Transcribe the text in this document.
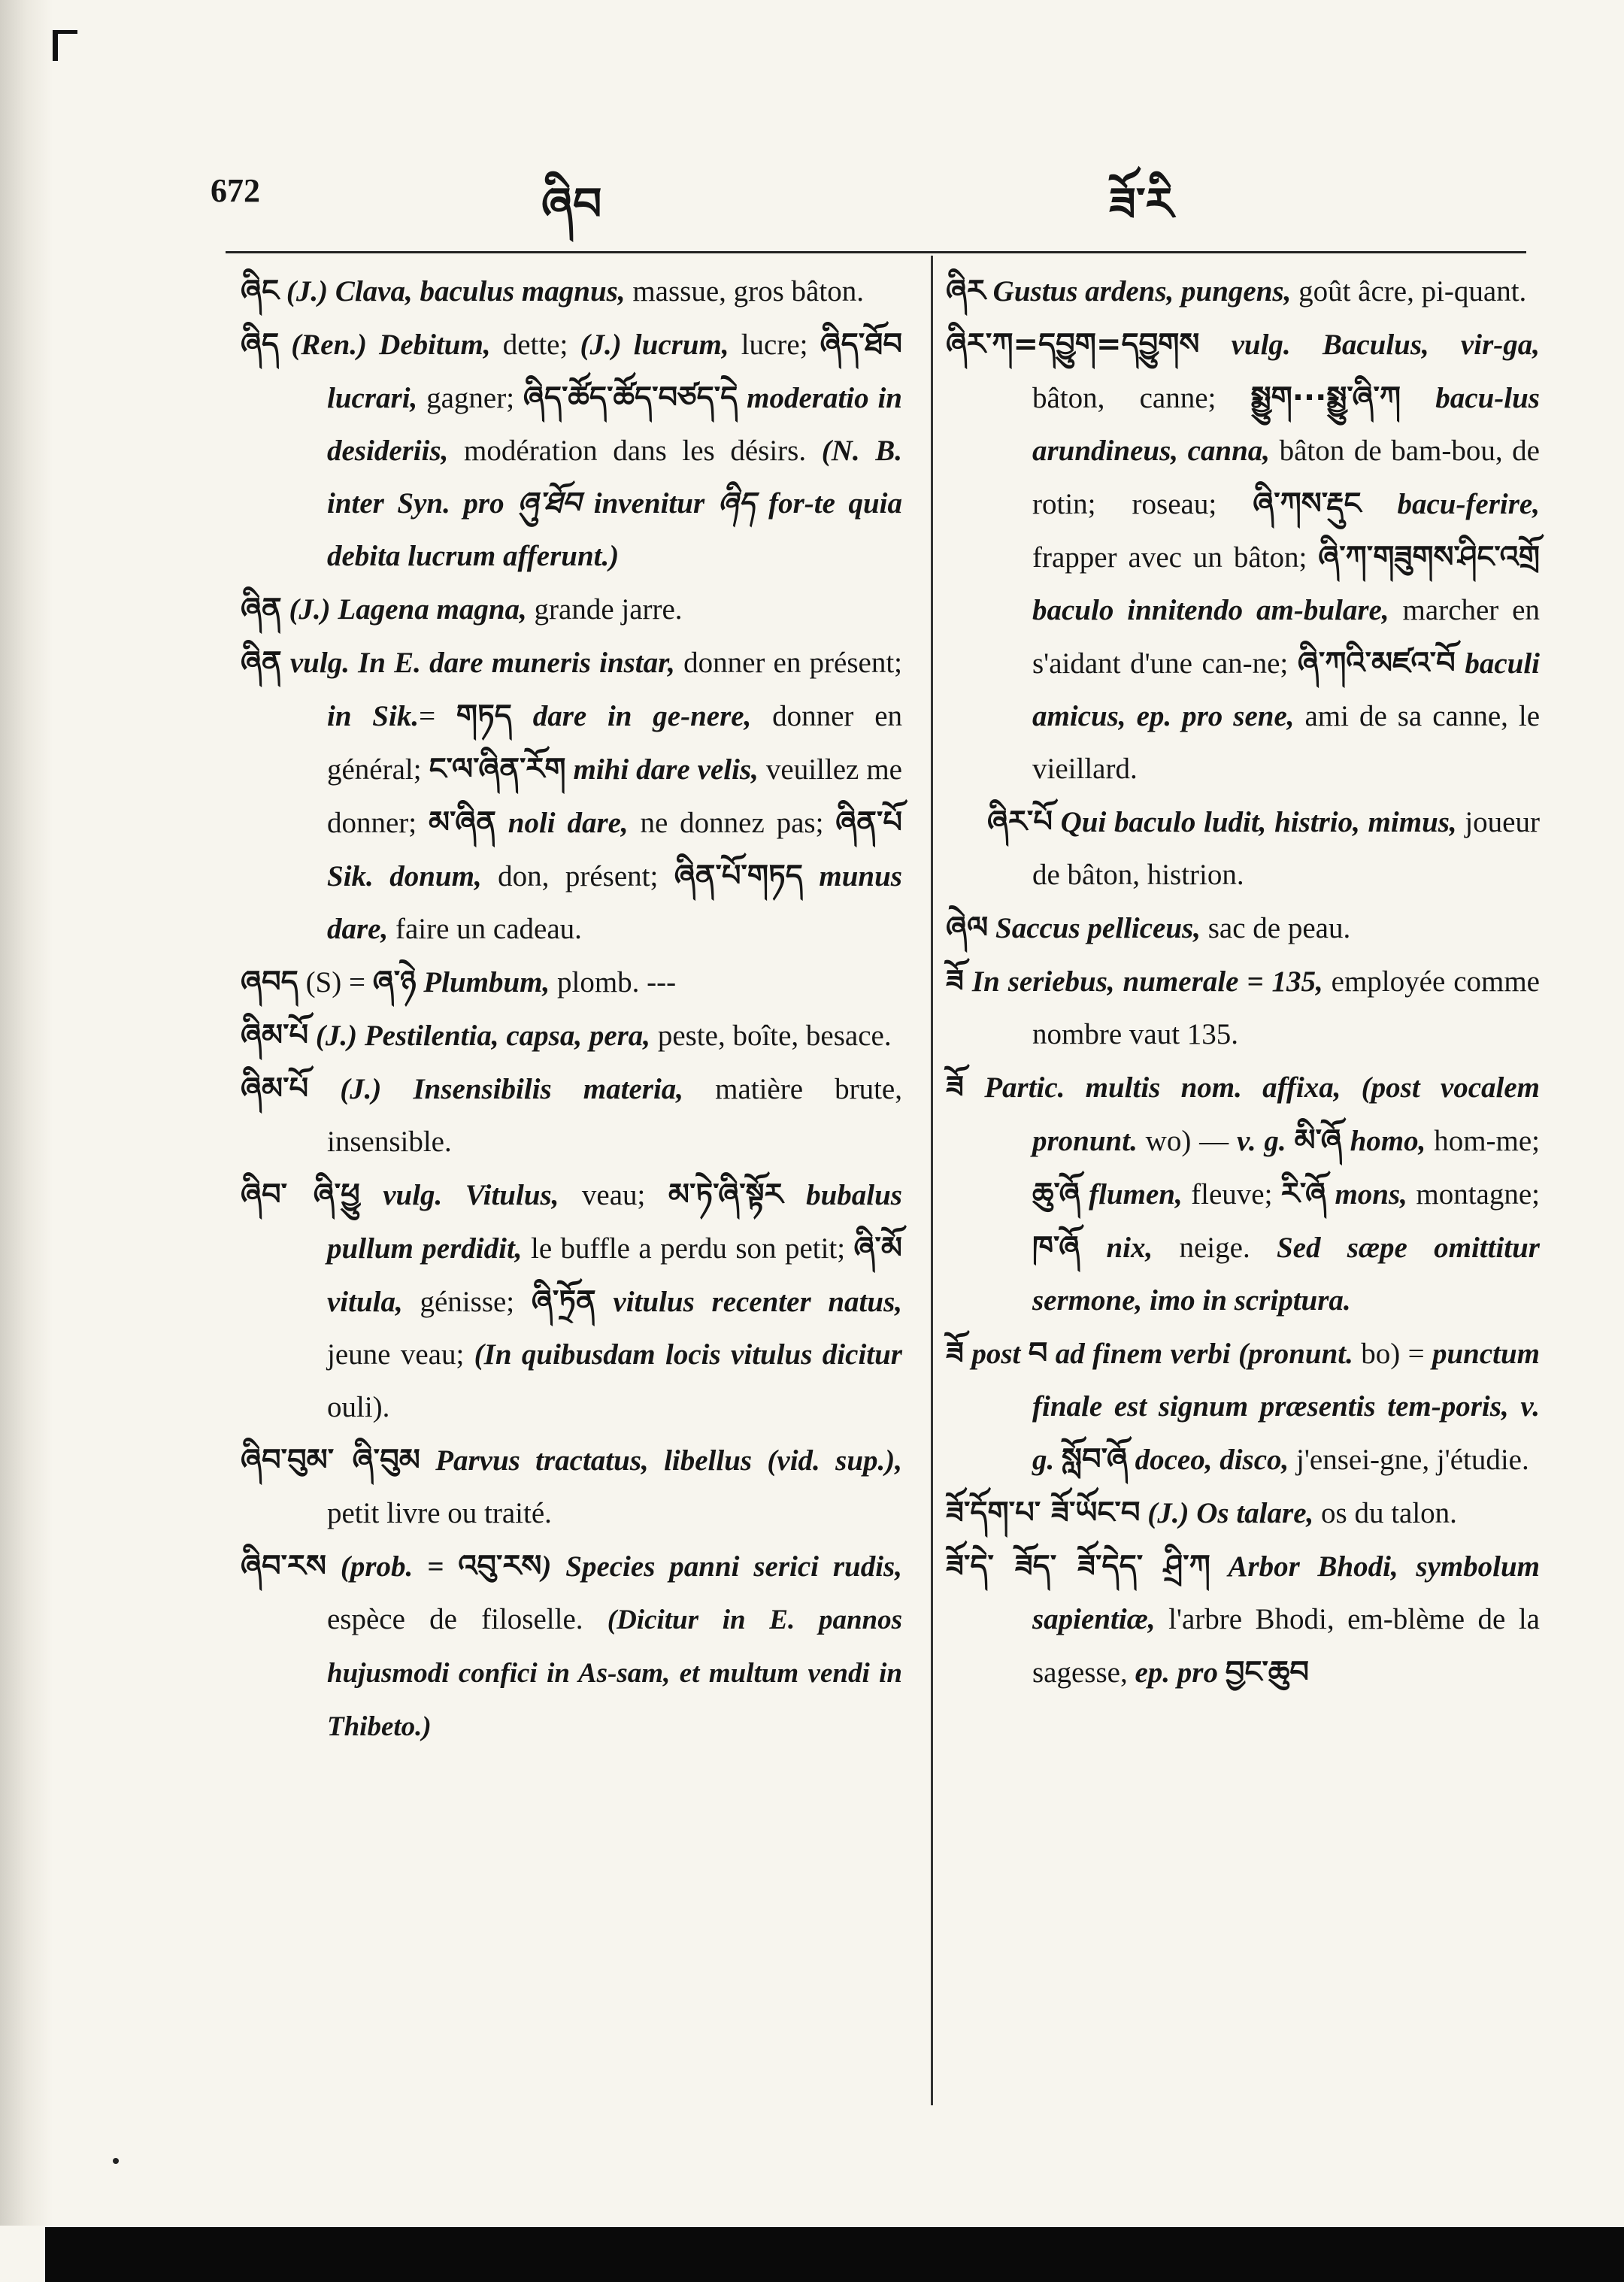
672	ཞིབ	ཟོ་རི

ཞིང (J.) Clava, baculus magnus, massue, gros bâton.

ཞིད (Ren.) Debitum, dette; (J.) lucrum, lucre; ཞིད་ཐོབ lucrari, gagner; ཞིད་ཚོད་ཚོད་བཙད་དེ moderatio in desideriis, modération dans les désirs. (N. B. inter Syn. pro ཞུ་ཐོབ invenitur ཞིད for-te quia debita lucrum afferunt.)

ཞིན (J.) Lagena magna, grande jarre.

ཞིན vulg. In E. dare muneris instar, donner en présent; in Sik.= གཏད dare in ge-nere, donner en général; ང་ལ་ཞིན་རོག mihi dare velis, veuillez me donner; མ་ཞིན noli dare, ne donnez pas; ཞིན་པོ Sik. donum, don, présent; ཞིན་པོ་གཏད munus dare, faire un cadeau.

ཞབད (S) = ཞ་ཉེ Plumbum, plomb. ---

ཞིམ་པོ (J.) Pestilentia, capsa, pera, peste, boîte, besace.

ཞིམ་པོ (J.) Insensibilis materia, matière brute, insensible.

ཞིབ་ ཞི་ཕྱུ vulg. Vitulus, veau; མ་ཏེ་ཞི་སྟོར bubalus pullum perdidit, le buffle a perdu son petit; ཞི་མོ vitula, génisse; ཞི་ཏྲོན vitulus recenter natus, jeune veau; (In quibusdam locis vitulus dicitur ouli).

ཞིབ་བུམ་ ཞི་བུམ Parvus tractatus, libellus (vid. sup.), petit livre ou traité.

ཞིབ་རས (prob. = འབུ་རས) Species panni serici rudis, espèce de filoselle. (Dicitur in E. pannos hujusmodi confici in As-sam, et multum vendi in Thibeto.)

ཞིར Gustus ardens, pungens, goût âcre, pi-quant.

ཞིར་ཀ=དབྱུག=དབྱུགས vulg. Baculus, vir-ga, bâton, canne; སྨྱུག···སྨྱུ་ཞི་ཀ bacu-lus arundineus, canna, bâton de bam-bou, de rotin; roseau; ཞི་ཀས་རྡུང bacu-ferire, frapper avec un bâton; ཞི་ཀ་གཟུགས་ཤིང་འགྲོ baculo innitendo am-bulare, marcher en s'aidant d'une can-ne; ཞི་ཀའི་མཛའ་བོ baculi amicus, ep. pro sene, ami de sa canne, le vieillard.

ཞིར་པོ Qui baculo ludit, histrio, mimus, joueur de bâton, histrion.

ཞེལ Saccus pelliceus, sac de peau.

ཟོ In seriebus, numerale = 135, employée comme nombre vaut 135.

ཟོ Partic. multis nom. affixa, (post vocalem pronunt. wo) — v. g. མི་ཞོ homo, hom-me; ཆུ་ཞོ flumen, fleuve; རི་ཞོ mons, montagne; ཁ་ཞོ nix, neige. Sed sæpe omittitur sermone, imo in scriptura.

ཟོ post བ ad finem verbi (pronunt. bo) = punctum finale est signum præsentis tem-poris, v. g. སློབ་ཞོ doceo, disco, j'ensei-gne, j'étudie.

ཟོ་དོག་པ་ ཟོ་ཡོང་བ (J.) Os talare, os du talon.

ཟོ་དེ་ ཟོད་ ཟོ་དེད་ ཤྲི་ཀ Arbor Bhodi, symbolum sapientiæ, l'arbre Bhodi, em-blème de la sagesse, ep. pro བྱང་ཆུབ
